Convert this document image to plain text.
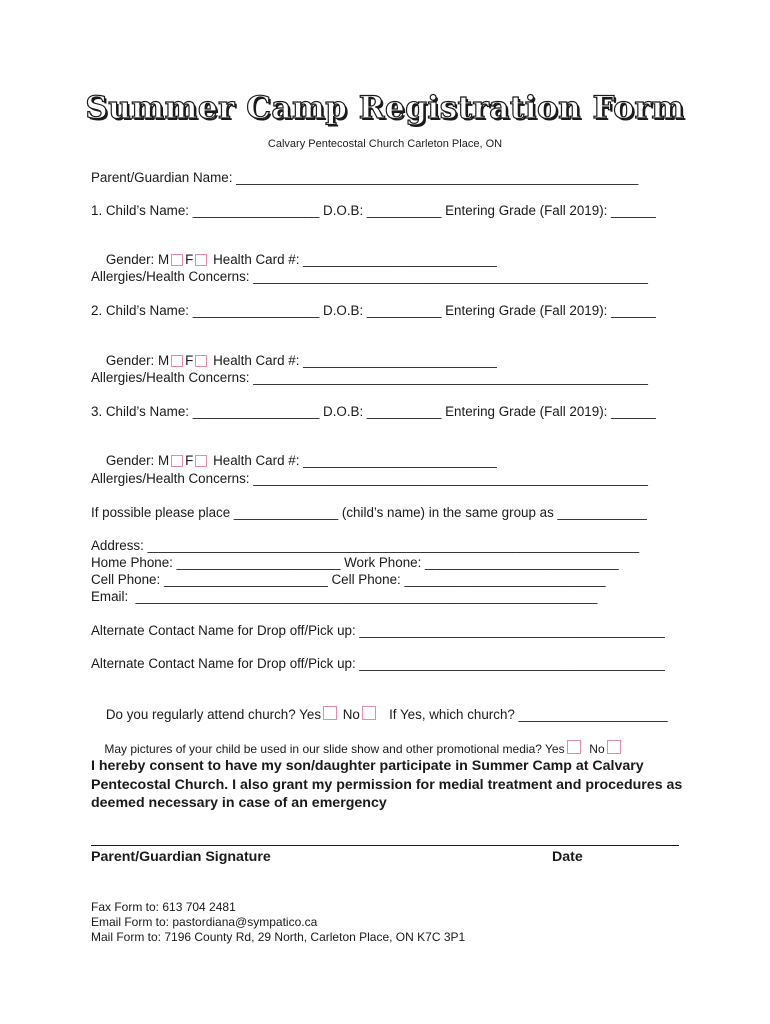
Summer Camp Registration Form
Calvary Pentecostal Church Carleton Place, ON
Parent/Guardian Name: ______________________________________________________
1. Child’s Name: _________________ D.O.B: __________ Entering Grade (Fall 2019): ______

Gender: M F Health Card #: __________________________

Allergies/Health Concerns: _____________________________________________________
2. Child’s Name: _________________ D.O.B: __________ Entering Grade (Fall 2019): ______

Gender: M F Health Card #: __________________________

Allergies/Health Concerns: _____________________________________________________
3. Child’s Name: _________________ D.O.B: __________ Entering Grade (Fall 2019): ______

Gender: M F Health Card #: __________________________

Allergies/Health Concerns: _____________________________________________________
If possible please place ______________ (child’s name) in the same group as ____________
Address: __________________________________________________________________
Home Phone: ______________________ Work Phone: __________________________
Cell Phone: ______________________ Cell Phone: ___________________________
Email:  ______________________________________________________________
Alternate Contact Name for Drop off/Pick up: _________________________________________
Alternate Contact Name for Drop off/Pick up: _________________________________________

Do you regularly attend church? Yes No If Yes, which church? ____________________

May pictures of your child be used in our slide show and other promotional media? Yes No

I hereby consent to have my son/daughter participate in Summer Camp at Calvary Pentecostal Church. I also grant my permission for medial treatment and procedures as deemed necessary in case of an emergency
Parent/Guardian Signature	Date
Fax Form to: 613 704 2481
Email Form to: pastordiana@sympatico.ca
Mail Form to: 7196 County Rd, 29 North, Carleton Place, ON K7C 3P1
